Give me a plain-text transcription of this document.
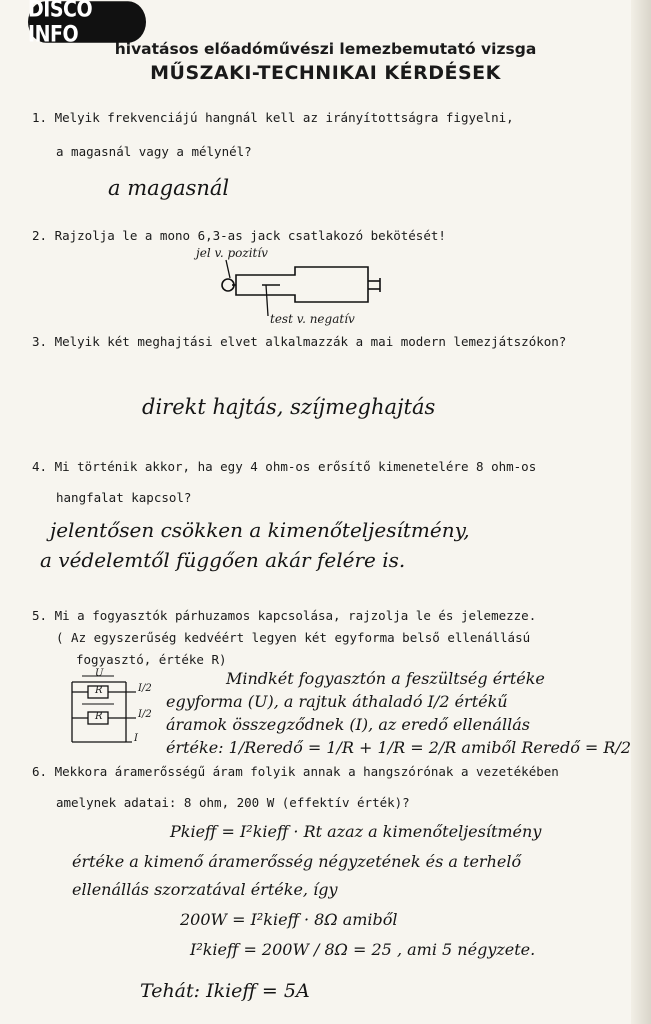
DISCO INFO
hivatásos előadóművészi lemezbemutató vizsga
MŰSZAKI-TECHNIKAI KÉRDÉSEK
1. Melyik frekvenciájú hangnál kell az irányítottságra figyelni,
a magasnál vagy a mélynél?
a magasnál
2. Rajzolja le a mono 6,3-as jack csatlakozó bekötését!
jel v. pozitív
test v. negatív
3. Melyik két meghajtási elvet alkalmazzák a mai modern lemezjátszókon?
direkt hajtás, szíjmeghajtás
4. Mi történik akkor, ha egy 4 ohm-os erősítő kimenetelére 8 ohm-os
hangfalat kapcsol?
jelentősen csökken a kimenőteljesítmény,
a védelemtől függően akár felére is.
5. Mi a fogyasztók párhuzamos kapcsolása, rajzolja le és jelemezze.
( Az egyszerűség kedvéért legyen két egyforma belső ellenállású
fogyasztó, értéke R)
U
R
R
I/2
I/2
I
Mindkét fogyasztón a feszültség értéke
egyforma (U), a rajtuk áthaladó I/2 értékű
áramok összegződnek (I), az eredő ellenállás
értéke: 1/Reredő = 1/R + 1/R = 2/R amiből Reredő = R/2
6. Mekkora áramerősségű áram folyik annak a hangszórónak a vezetékében
amelynek adatai: 8 ohm, 200 W (effektív érték)?
Pkieff = I²kieff · Rt azaz a kimenőteljesítmény
értéke a kimenő áramerősség négyzetének és a terhelő
ellenállás szorzatával értéke, így
200W = I²kieff · 8Ω amiből
I²kieff = 200W / 8Ω = 25 , ami 5 négyzete.
Tehát: Ikieff = 5A
